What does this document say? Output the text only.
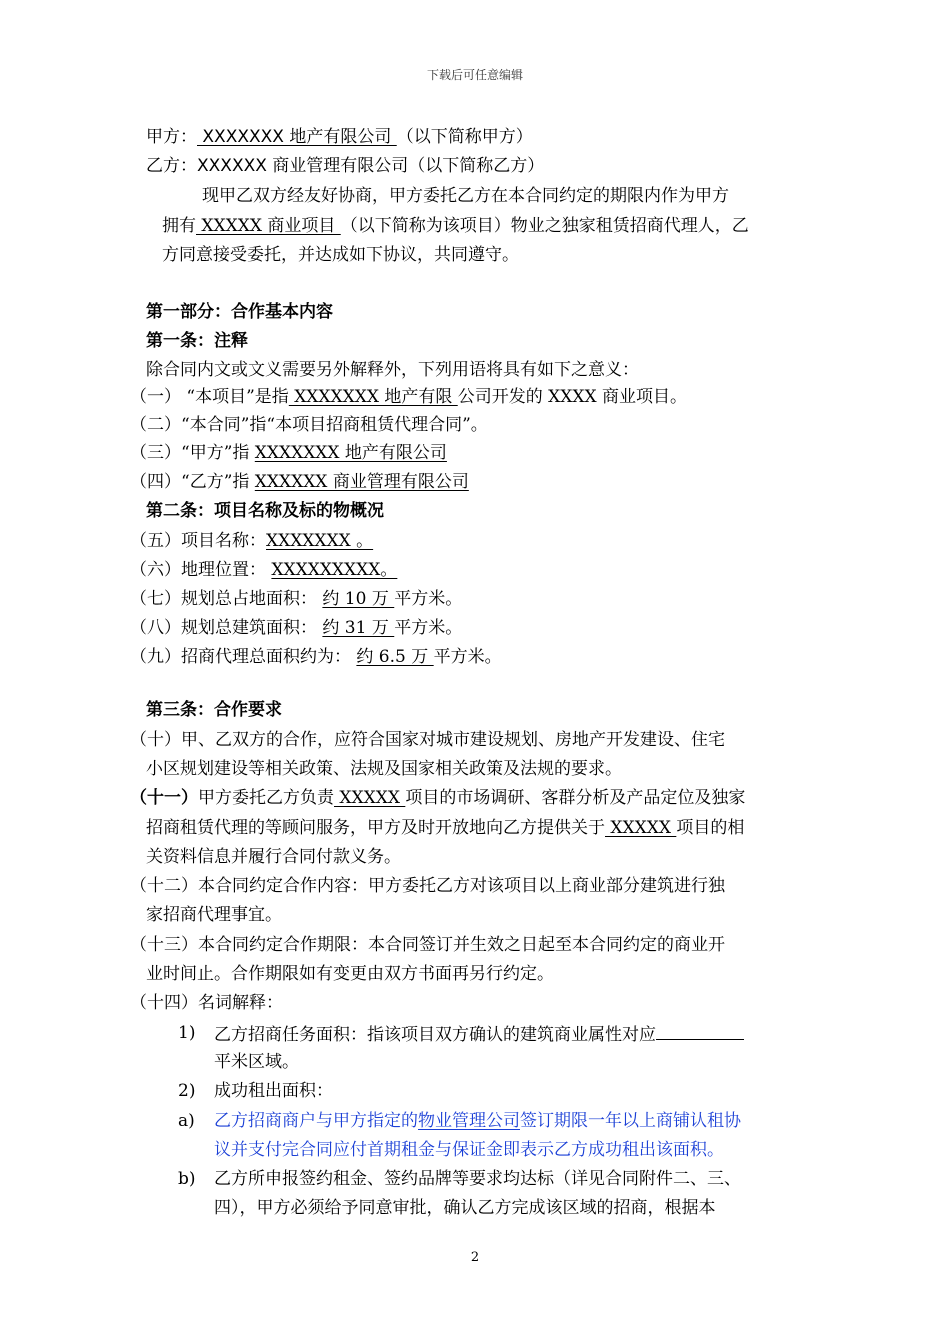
下载后可任意编辑
甲方： XXXXXXX 地产有限公司 （以下简称甲方）
乙方：XXXXXX 商业管理有限公司（以下简称乙方）
现甲乙双方经友好协商，甲方委托乙方在本合同约定的期限内作为甲方
拥有 XXXXX 商业项目 （以下简称为该项目）物业之独家租赁招商代理人，乙
方同意接受委托，并达成如下协议，共同遵守。
第一部分：合作基本内容
第一条：注释
除合同内文或文义需要另外解释外，下列用语将具有如下之意义：
（一） “本项目”是指 XXXXXXX 地产有限 公司开发的 XXXX 商业项目。
（二）“本合同”指“本项目招商租赁代理合同”。
（三）“甲方”指 XXXXXXX 地产有限公司
（四）“乙方”指 XXXXXX 商业管理有限公司
第二条：项目名称及标的物概况
（五）项目名称：XXXXXXX 。
（六）地理位置： XXXXXXXXX。
（七）规划总占地面积： 约 10 万 平方米。
（八）规划总建筑面积： 约 31 万 平方米。
（九）招商代理总面积约为： 约 6.5 万 平方米。
第三条：合作要求
（十）甲、乙双方的合作，应符合国家对城市建设规划、房地产开发建设、住宅
小区规划建设等相关政策、法规及国家相关政策及法规的要求。
（十一）甲方委托乙方负责 XXXXX 项目的市场调研、客群分析及产品定位及独家
招商租赁代理的等顾问服务，甲方及时开放地向乙方提供关于 XXXXX 项目的相
关资料信息并履行合同付款义务。
（十二）本合同约定合作内容：甲方委托乙方对该项目以上商业部分建筑进行独
家招商代理事宜。
（十三）本合同约定合作期限：本合同签订并生效之日起至本合同约定的商业开
业时间止。合作期限如有变更由双方书面再另行约定。
（十四）名词解释：
1) 乙方招商任务面积：指该项目双方确认的建筑商业属性对应
平米区域。
2) 成功租出面积：
a) 乙方招商商户与甲方指定的物业管理公司签订期限一年以上商铺认租协
议并支付完合同应付首期租金与保证金即表示乙方成功租出该面积。
b) 乙方所申报签约租金、签约品牌等要求均达标（详见合同附件二、三、
四），甲方必须给予同意审批，确认乙方完成该区域的招商，根据本
2
